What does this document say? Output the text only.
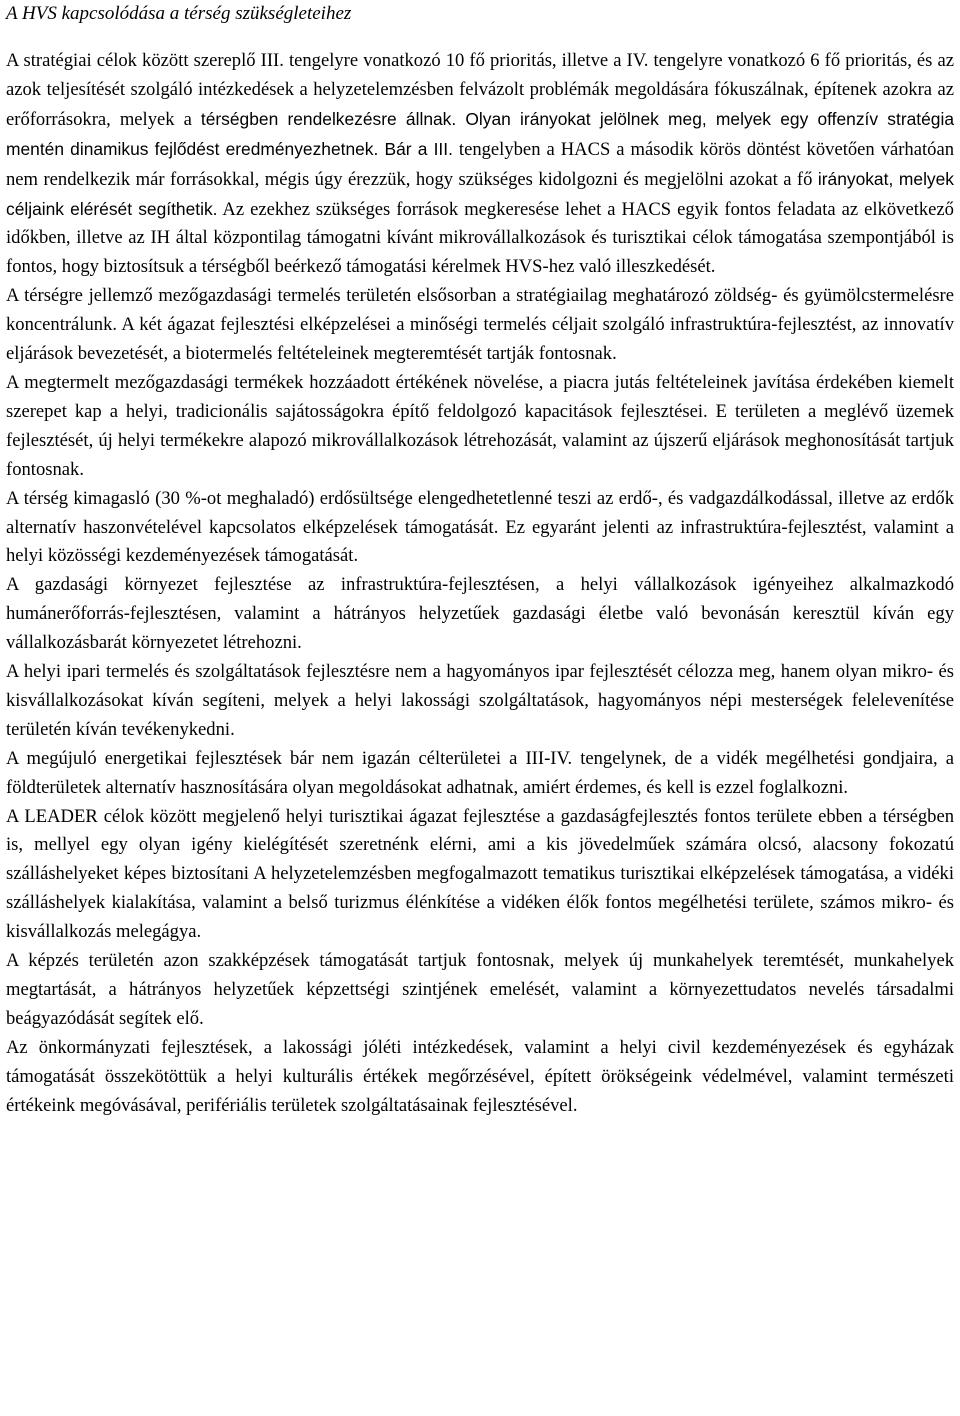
A HVS kapcsolódása a térség szükségleteihez

A stratégiai célok között szereplő III. tengelyre vonatkozó 10 fő prioritás, illetve a IV. tengelyre vonatkozó 6 fő prioritás, és az azok teljesítését szolgáló intézkedések a helyzetelemzésben felvázolt problémák megoldására fókuszálnak, építenek azokra az erőforrásokra, melyek a térségben rendelkezésre állnak. Olyan irányokat jelölnek meg, melyek egy offenzív stratégia mentén dinamikus fejlődést eredményezhetnek. Bár a III. tengelyben a HACS a második körös döntést követően várhatóan nem rendelkezik már forrásokkal, mégis úgy érezzük, hogy szükséges kidolgozni és megjelölni azokat a fő irányokat, melyek céljaink elérését segíthetik. Az ezekhez szükséges források megkeresése lehet a HACS egyik fontos feladata az elkövetkező időkben, illetve az IH által központilag támogatni kívánt mikrovállalkozások és turisztikai célok támogatása szempontjából is fontos, hogy biztosítsuk a térségből beérkező támogatási kérelmek HVS-hez való illeszkedését.

A térségre jellemző mezőgazdasági termelés területén elsősorban a stratégiailag meghatározó zöldség- és gyümölcstermelésre koncentrálunk. A két ágazat fejlesztési elképzelései a minőségi termelés céljait szolgáló infrastruktúra-fejlesztést, az innovatív eljárások bevezetését, a biotermelés feltételeinek megteremtését tartják fontosnak.

A megtermelt mezőgazdasági termékek hozzáadott értékének növelése, a piacra jutás feltételeinek javítása érdekében kiemelt szerepet kap a helyi, tradicionális sajátosságokra építő feldolgozó kapacitások fejlesztései. E területen a meglévő üzemek fejlesztését, új helyi termékekre alapozó mikrovállalkozások létrehozását, valamint az újszerű eljárások meghonosítását tartjuk fontosnak.

A térség kimagasló (30 %-ot meghaladó) erdősültsége elengedhetetlenné teszi az erdő-, és vadgazdálkodással, illetve az erdők alternatív haszonvételével kapcsolatos elképzelések támogatását. Ez egyaránt jelenti az infrastruktúra-fejlesztést, valamint a helyi közösségi kezdeményezések támogatását.

A gazdasági környezet fejlesztése az infrastruktúra-fejlesztésen, a helyi vállalkozások igényeihez alkalmazkodó humánerőforrás-fejlesztésen, valamint a hátrányos helyzetűek gazdasági életbe való bevonásán keresztül kíván egy vállalkozásbarát környezetet létrehozni.

A helyi ipari termelés és szolgáltatások fejlesztésre nem a hagyományos ipar fejlesztését célozza meg, hanem olyan mikro- és kisvállalkozásokat kíván segíteni, melyek a helyi lakossági szolgáltatások, hagyományos népi mesterségek felelevenítése területén kíván tevékenykedni.

A megújuló energetikai fejlesztések bár nem igazán célterületei a III-IV. tengelynek, de a vidék megélhetési gondjaira, a földterületek alternatív hasznosítására olyan megoldásokat adhatnak, amiért érdemes, és kell is ezzel foglalkozni.

A LEADER célok között megjelenő helyi turisztikai ágazat fejlesztése a gazdaságfejlesztés fontos területe ebben a térségben is, mellyel egy olyan igény kielégítését szeretnénk elérni, ami a kis jövedelműek számára olcsó, alacsony fokozatú szálláshelyeket képes biztosítani A helyzetelemzésben megfogalmazott tematikus turisztikai elképzelések támogatása, a vidéki szálláshelyek kialakítása, valamint a belső turizmus élénkítése a vidéken élők fontos megélhetési területe, számos mikro- és kisvállalkozás melegágya.

A képzés területén azon szakképzések támogatását tartjuk fontosnak, melyek új munkahelyek teremtését, munkahelyek megtartását, a hátrányos helyzetűek képzettségi szintjének emelését, valamint a környezettudatos nevelés társadalmi beágyazódását segítek elő.

Az önkormányzati fejlesztések, a lakossági jóléti intézkedések, valamint a helyi civil kezdeményezések és egyházak támogatását összekötöttük a helyi kulturális értékek megőrzésével, épített örökségeink védelmével, valamint természeti értékeink megóvásával, perifériális területek szolgáltatásainak fejlesztésével.
